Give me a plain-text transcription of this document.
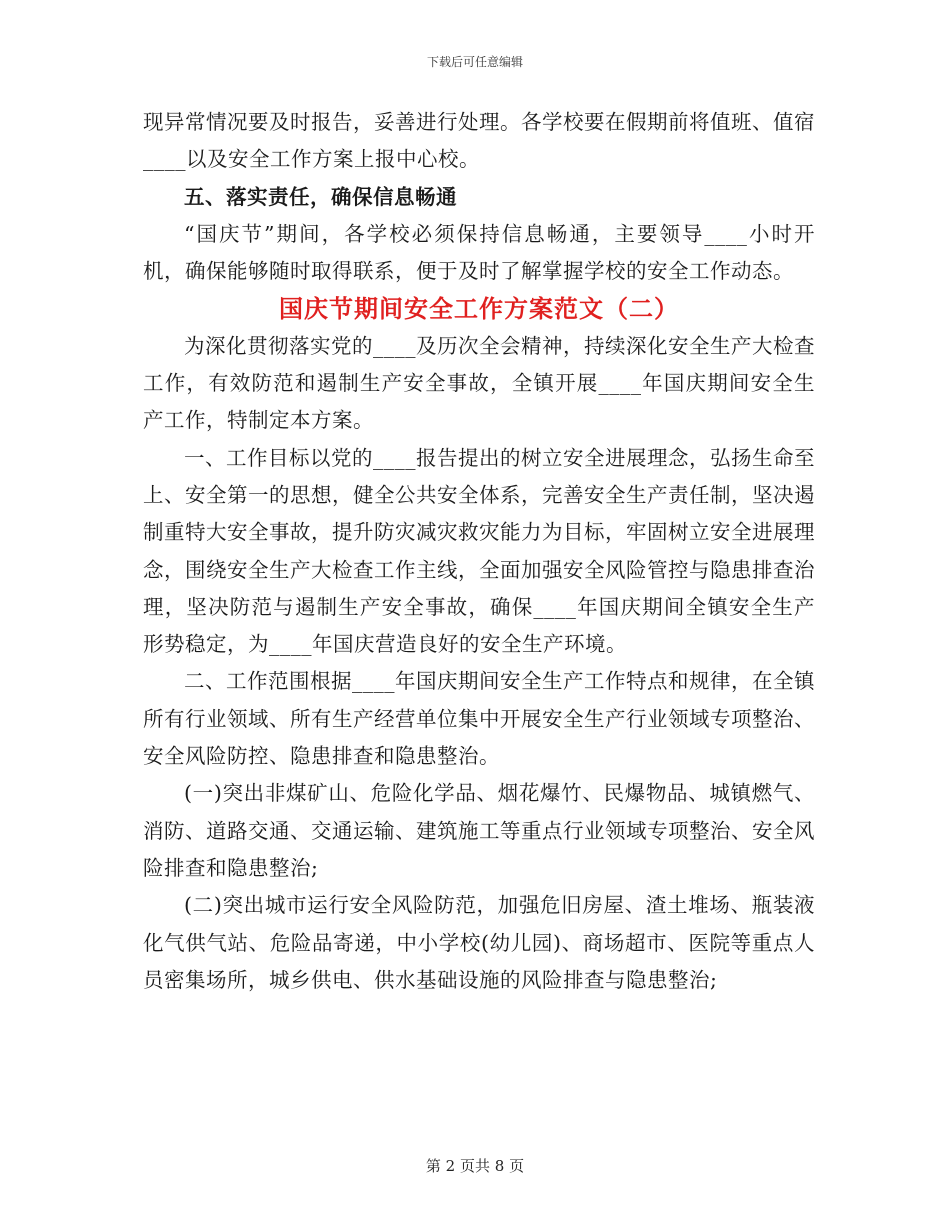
下载后可任意编辑

现异常情况要及时报告，妥善进行处理。各学校要在假期前将值班、值宿____以及安全工作方案上报中心校。

五、落实责任，确保信息畅通

“国庆节”期间，各学校必须保持信息畅通，主要领导____小时开机，确保能够随时取得联系，便于及时了解掌握学校的安全工作动态。

国庆节期间安全工作方案范文（二）

为深化贯彻落实党的____及历次全会精神，持续深化安全生产大检查工作，有效防范和遏制生产安全事故，全镇开展____年国庆期间安全生产工作，特制定本方案。

一、工作目标以党的____报告提出的树立安全进展理念，弘扬生命至上、安全第一的思想，健全公共安全体系，完善安全生产责任制，坚决遏制重特大安全事故，提升防灾减灾救灾能力为目标，牢固树立安全进展理念，围绕安全生产大检查工作主线，全面加强安全风险管控与隐患排查治理，坚决防范与遏制生产安全事故，确保____年国庆期间全镇安全生产形势稳定，为____年国庆营造良好的安全生产环境。

二、工作范围根据____年国庆期间安全生产工作特点和规律，在全镇所有行业领域、所有生产经营单位集中开展安全生产行业领域专项整治、安全风险防控、隐患排查和隐患整治。

(一)突出非煤矿山、危险化学品、烟花爆竹、民爆物品、城镇燃气、消防、道路交通、交通运输、建筑施工等重点行业领域专项整治、安全风险排查和隐患整治;

(二)突出城市运行安全风险防范，加强危旧房屋、渣土堆场、瓶装液化气供气站、危险品寄递，中小学校(幼儿园)、商场超市、医院等重点人员密集场所，城乡供电、供水基础设施的风险排查与隐患整治;

第 2 页共 8 页
